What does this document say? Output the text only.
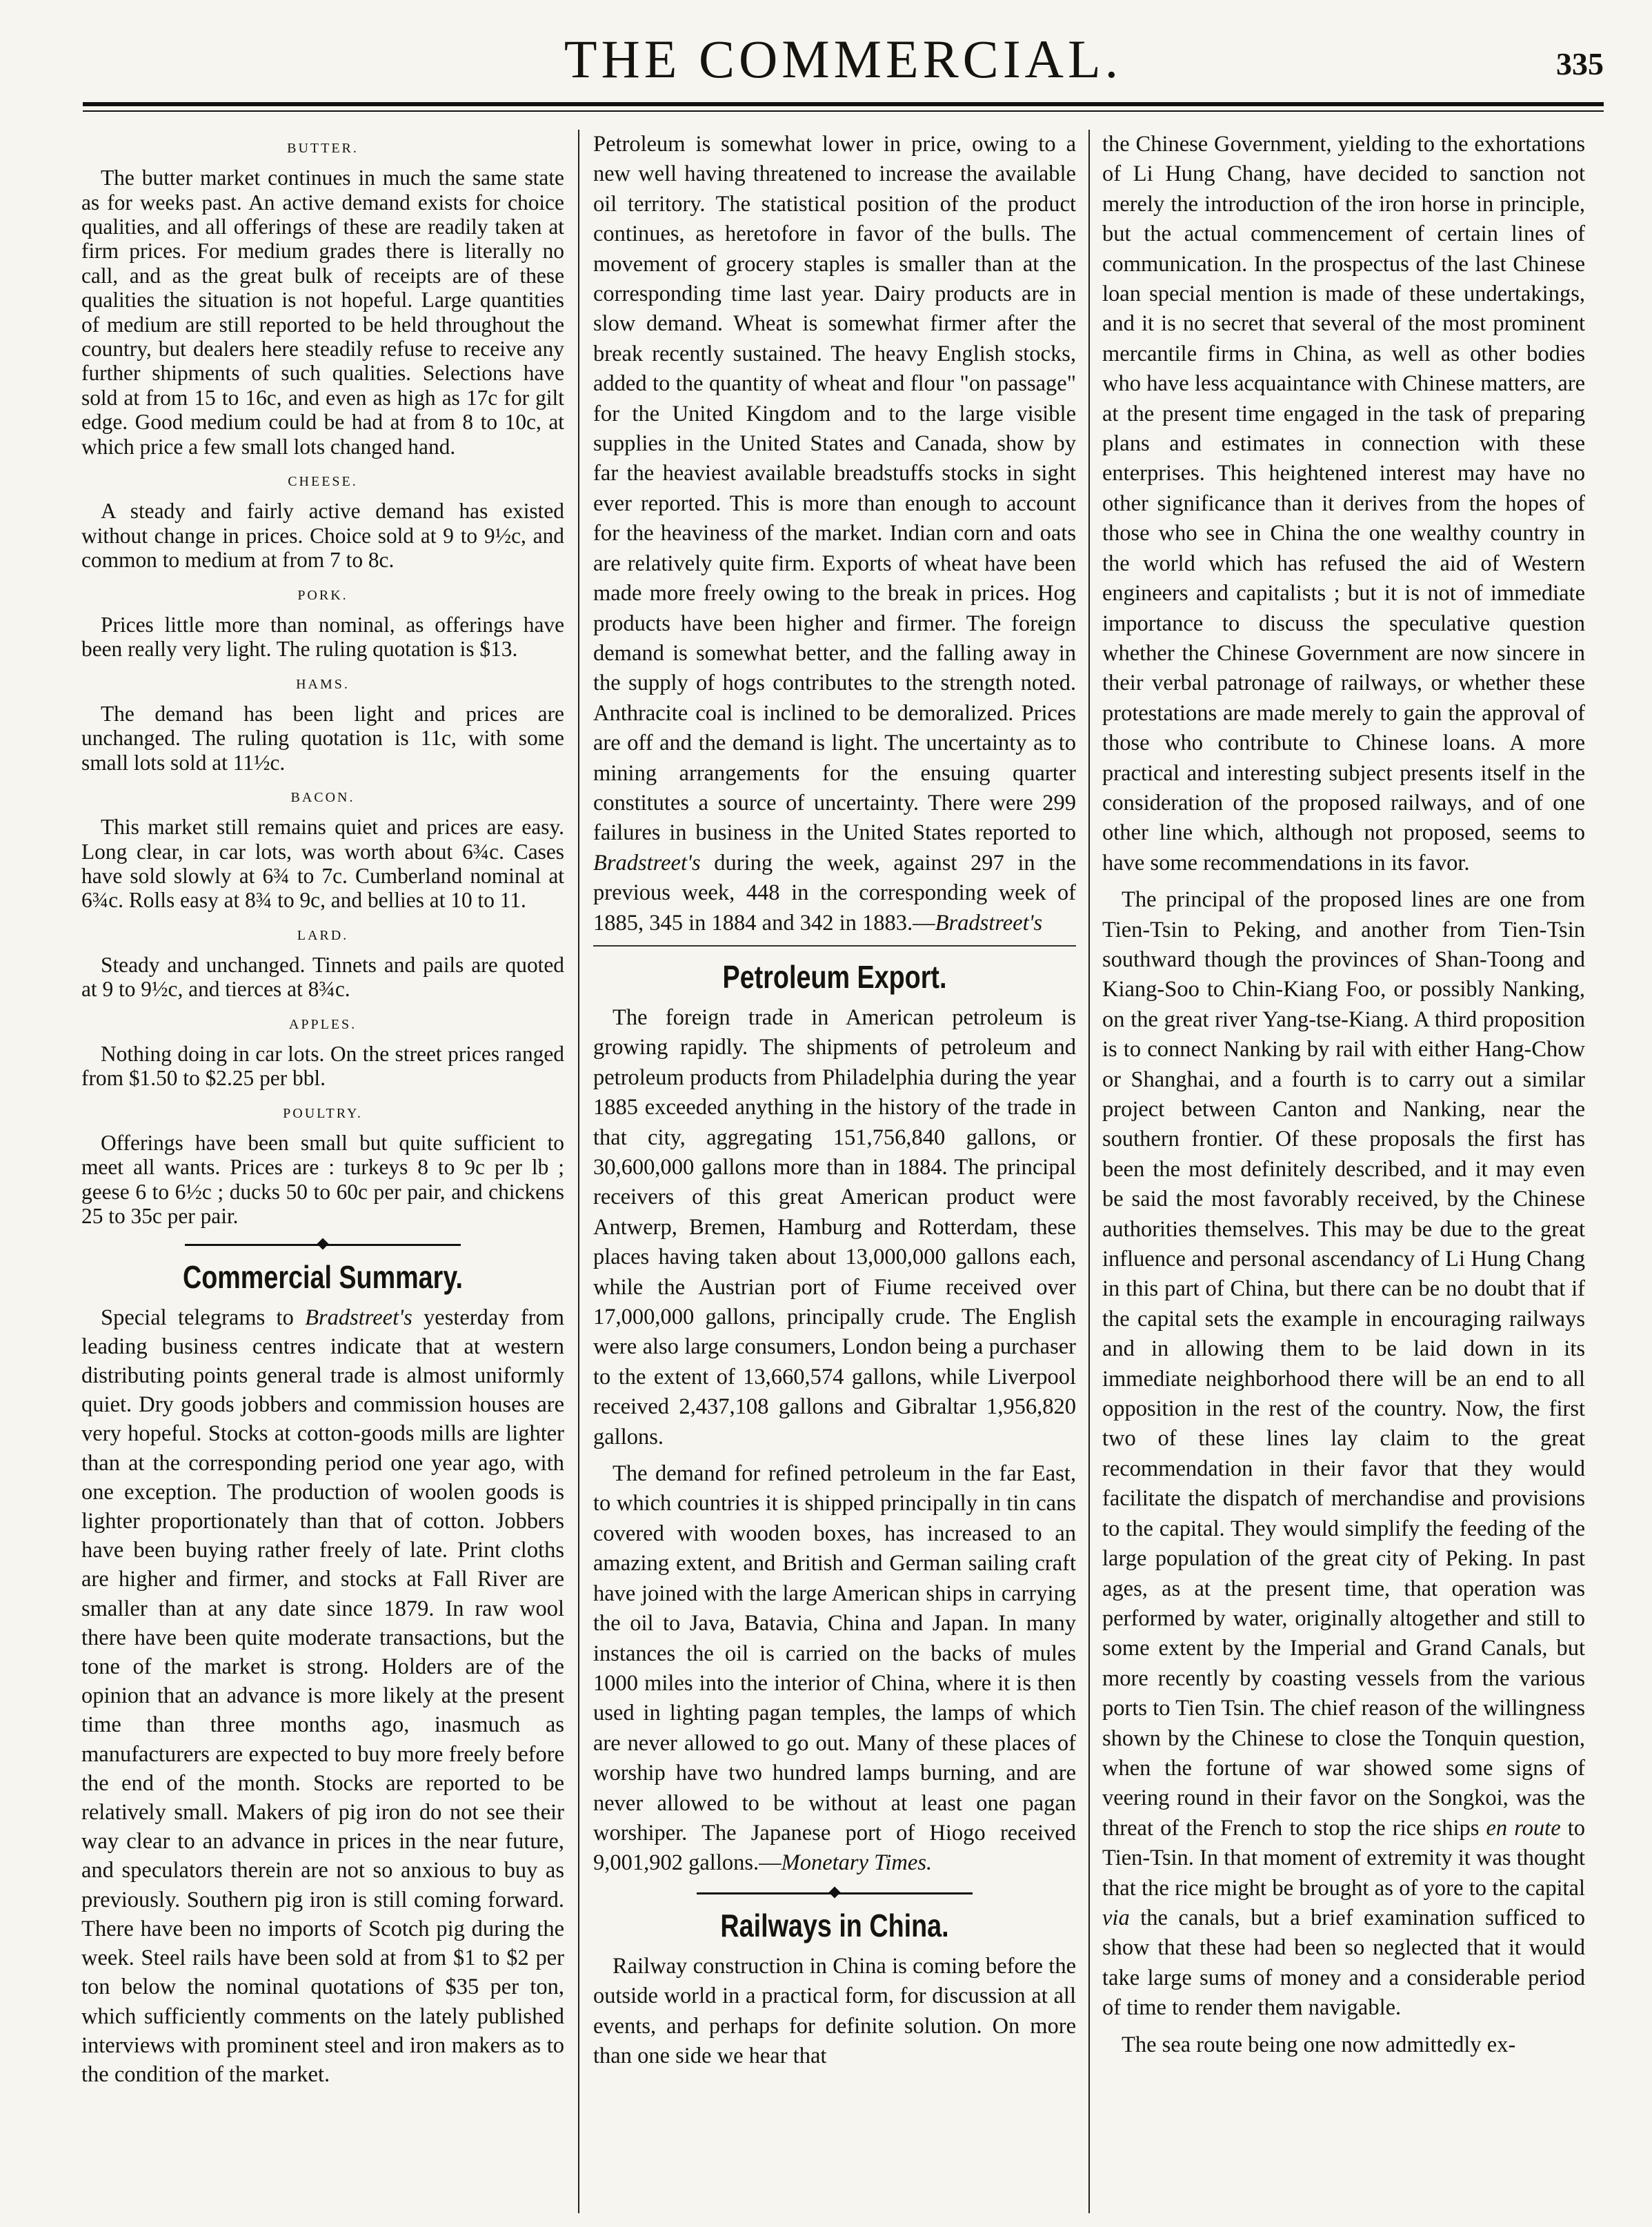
THE COMMERCIAL.	335
BUTTER.

The butter market continues in much the same state as for weeks past. An active demand exists for choice qualities, and all offerings of these are readily taken at firm prices. For medium grades there is literally no call, and as the great bulk of receipts are of these qualities the situation is not hopeful. Large quantities of medium are still reported to be held throughout the country, but dealers here steadily refuse to receive any further shipments of such qualities. Selections have sold at from 15 to 16c, and even as high as 17c for gilt edge. Good medium could be had at from 8 to 10c, at which price a few small lots changed hand.

CHEESE.

A steady and fairly active demand has existed without change in prices. Choice sold at 9 to 9½c, and common to medium at from 7 to 8c.

PORK.

Prices little more than nominal, as offerings have been really very light. The ruling quotation is $13.

HAMS.

The demand has been light and prices are unchanged. The ruling quotation is 11c, with some small lots sold at 11½c.

BACON.

This market still remains quiet and prices are easy. Long clear, in car lots, was worth about 6¾c. Cases have sold slowly at 6¾ to 7c. Cumberland nominal at 6¾c. Rolls easy at 8¾ to 9c, and bellies at 10 to 11.

LARD.

Steady and unchanged. Tinnets and pails are quoted at 9 to 9½c, and tierces at 8¾c.

APPLES.

Nothing doing in car lots. On the street prices ranged from $1.50 to $2.25 per bbl.

POULTRY.

Offerings have been small but quite sufficient to meet all wants. Prices are : turkeys 8 to 9c per lb ; geese 6 to 6½c ; ducks 50 to 60c per pair, and chickens 25 to 35c per pair.

Commercial Summary.

Special telegrams to Bradstreet's yesterday from leading business centres indicate that at western distributing points general trade is almost uniformly quiet. Dry goods jobbers and commission houses are very hopeful. Stocks at cotton-goods mills are lighter than at the corresponding period one year ago, with one exception. The production of woolen goods is lighter proportionately than that of cotton. Jobbers have been buying rather freely of late. Print cloths are higher and firmer, and stocks at Fall River are smaller than at any date since 1879. In raw wool there have been quite moderate transactions, but the tone of the market is strong. Holders are of the opinion that an advance is more likely at the present time than three months ago, inasmuch as manufacturers are expected to buy more freely before the end of the month. Stocks are reported to be relatively small. Makers of pig iron do not see their way clear to an advance in prices in the near future, and speculators therein are not so anxious to buy as previously. Southern pig iron is still coming forward. There have been no imports of Scotch pig during the week. Steel rails have been sold at from $1 to $2 per ton below the nominal quotations of $35 per ton, which sufficiently comments on the lately published interviews with prominent steel and iron makers as to the condition of the market.

Petroleum is somewhat lower in price, owing to a new well having threatened to increase the available oil territory. The statistical position of the product continues, as heretofore in favor of the bulls. The movement of grocery staples is smaller than at the corresponding time last year. Dairy products are in slow demand. Wheat is somewhat firmer after the break recently sustained. The heavy English stocks, added to the quantity of wheat and flour "on passage" for the United Kingdom and to the large visible supplies in the United States and Canada, show by far the heaviest available breadstuffs stocks in sight ever reported. This is more than enough to account for the heaviness of the market. Indian corn and oats are relatively quite firm. Exports of wheat have been made more freely owing to the break in prices. Hog products have been higher and firmer. The foreign demand is somewhat better, and the falling away in the supply of hogs contributes to the strength noted. Anthracite coal is inclined to be demoralized. Prices are off and the demand is light. The uncertainty as to mining arrangements for the ensuing quarter constitutes a source of uncertainty. There were 299 failures in business in the United States reported to Bradstreet's during the week, against 297 in the previous week, 448 in the corresponding week of 1885, 345 in 1884 and 342 in 1883.—Bradstreet's

Petroleum Export.

The foreign trade in American petroleum is growing rapidly. The shipments of petroleum and petroleum products from Philadelphia during the year 1885 exceeded anything in the history of the trade in that city, aggregating 151,756,840 gallons, or 30,600,000 gallons more than in 1884. The principal receivers of this great American product were Antwerp, Bremen, Hamburg and Rotterdam, these places having taken about 13,000,000 gallons each, while the Austrian port of Fiume received over 17,000,000 gallons, principally crude. The English were also large consumers, London being a purchaser to the extent of 13,660,574 gallons, while Liverpool received 2,437,108 gallons and Gibraltar 1,956,820 gallons.

The demand for refined petroleum in the far East, to which countries it is shipped principally in tin cans covered with wooden boxes, has increased to an amazing extent, and British and German sailing craft have joined with the large American ships in carrying the oil to Java, Batavia, China and Japan. In many instances the oil is carried on the backs of mules 1000 miles into the interior of China, where it is then used in lighting pagan temples, the lamps of which are never allowed to go out. Many of these places of worship have two hundred lamps burning, and are never allowed to be without at least one pagan worshiper. The Japanese port of Hiogo received 9,001,902 gallons.—Monetary Times.

Railways in China.

Railway construction in China is coming before the outside world in a practical form, for discussion at all events, and perhaps for definite solution. On more than one side we hear that

the Chinese Government, yielding to the exhortations of Li Hung Chang, have decided to sanction not merely the introduction of the iron horse in principle, but the actual commencement of certain lines of communication. In the prospectus of the last Chinese loan special mention is made of these undertakings, and it is no secret that several of the most prominent mercantile firms in China, as well as other bodies who have less acquaintance with Chinese matters, are at the present time engaged in the task of preparing plans and estimates in connection with these enterprises. This heightened interest may have no other significance than it derives from the hopes of those who see in China the one wealthy country in the world which has refused the aid of Western engineers and capitalists ; but it is not of immediate importance to discuss the speculative question whether the Chinese Government are now sincere in their verbal patronage of railways, or whether these protestations are made merely to gain the approval of those who contribute to Chinese loans. A more practical and interesting subject presents itself in the consideration of the proposed railways, and of one other line which, although not proposed, seems to have some recommendations in its favor.

The principal of the proposed lines are one from Tien-Tsin to Peking, and another from Tien-Tsin southward though the provinces of Shan-Toong and Kiang-Soo to Chin-Kiang Foo, or possibly Nanking, on the great river Yang-tse-Kiang. A third proposition is to connect Nanking by rail with either Hang-Chow or Shanghai, and a fourth is to carry out a similar project between Canton and Nanking, near the southern frontier. Of these proposals the first has been the most definitely described, and it may even be said the most favorably received, by the Chinese authorities themselves. This may be due to the great influence and personal ascendancy of Li Hung Chang in this part of China, but there can be no doubt that if the capital sets the example in encouraging railways and in allowing them to be laid down in its immediate neighborhood there will be an end to all opposition in the rest of the country. Now, the first two of these lines lay claim to the great recommendation in their favor that they would facilitate the dispatch of merchandise and provisions to the capital. They would simplify the feeding of the large population of the great city of Peking. In past ages, as at the present time, that operation was performed by water, originally altogether and still to some extent by the Imperial and Grand Canals, but more recently by coasting vessels from the various ports to Tien Tsin. The chief reason of the willingness shown by the Chinese to close the Tonquin question, when the fortune of war showed some signs of veering round in their favor on the Songkoi, was the threat of the French to stop the rice ships en route to Tien-Tsin. In that moment of extremity it was thought that the rice might be brought as of yore to the capital via the canals, but a brief examination sufficed to show that these had been so neglected that it would take large sums of money and a considerable period of time to render them navigable.

The sea route being one now admittedly ex-
